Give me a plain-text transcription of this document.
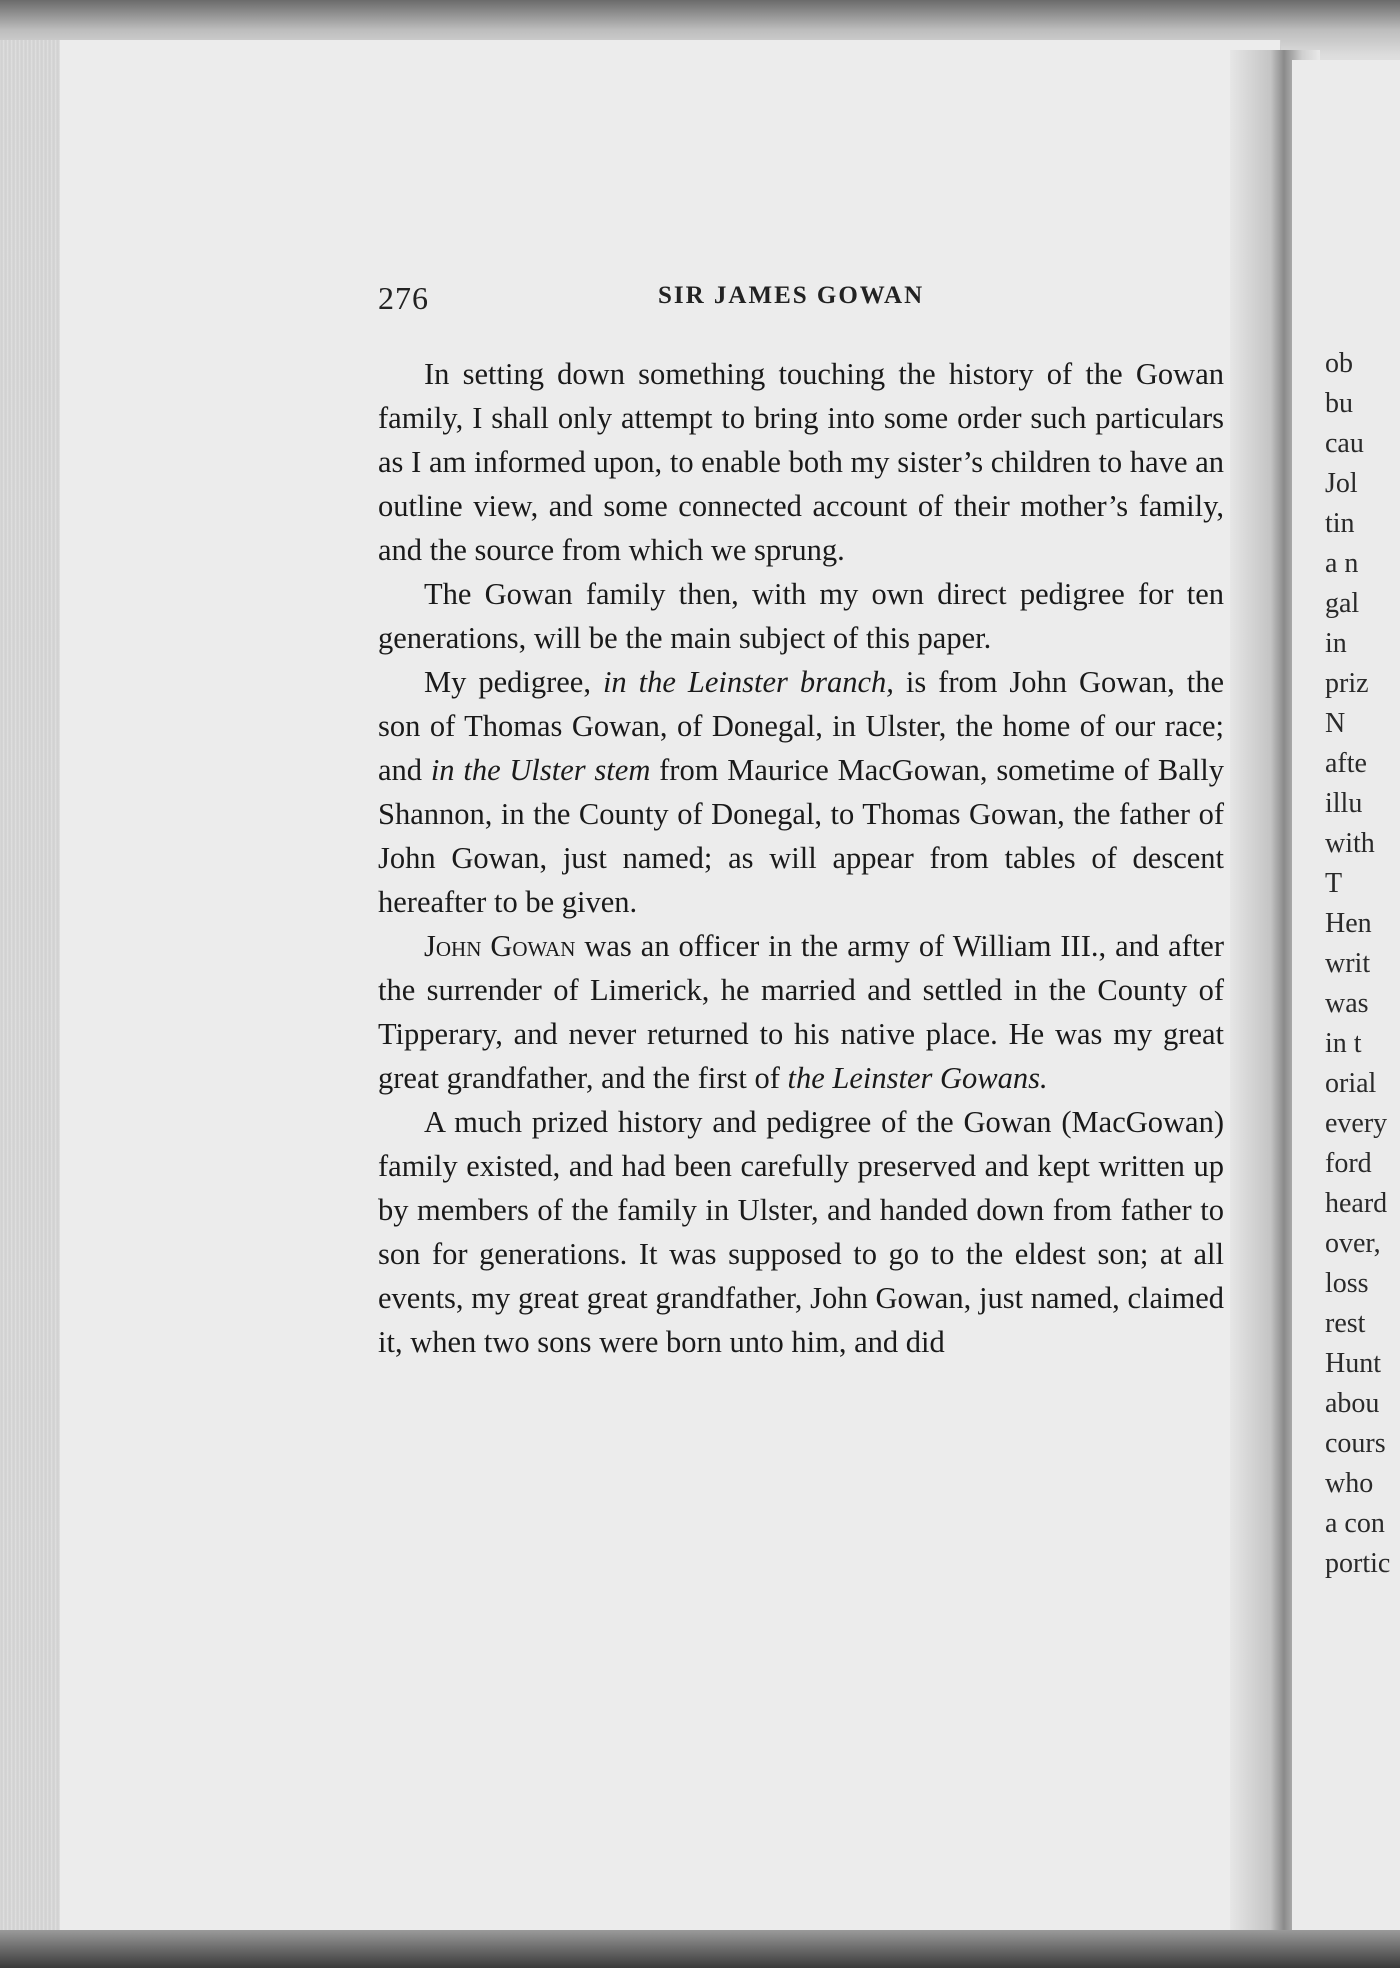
276	SIR JAMES GOWAN

In setting down something touching the history of the Gowan family, I shall only attempt to bring into some order such particulars as I am informed upon, to enable both my sister’s children to have an outline view, and some connected account of their mother’s family, and the source from which we sprung.

The Gowan family then, with my own direct pedigree for ten generations, will be the main subject of this paper.

My pedigree, in the Leinster branch, is from John Gowan, the son of Thomas Gowan, of Donegal, in Ulster, the home of our race; and in the Ulster stem from Maurice MacGowan, sometime of Bally Shannon, in the County of Donegal, to Thomas Gowan, the father of John Gowan, just named; as will appear from tables of descent hereafter to be given.

John Gowan was an officer in the army of William III., and after the surrender of Limerick, he married and settled in the County of Tipperary, and never returned to his native place. He was my great great grandfather, and the first of the Leinster Gowans.

A much prized history and pedigree of the Gowan (MacGowan) family existed, and had been carefully preserved and kept written up by members of the family in Ulster, and handed down from father to son for generations. It was supposed to go to the eldest son; at all events, my great great grandfather, John Gowan, just named, claimed it, when two sons were born unto him, and did

ob
bu
cau
Jol
tin
a n
gal
in
priz
N
afte
illu
with
T
Hen
writ
was
in t
orial
every
ford
heard
over,
loss
rest
Hunt
abou
cours
who
a con
portic
